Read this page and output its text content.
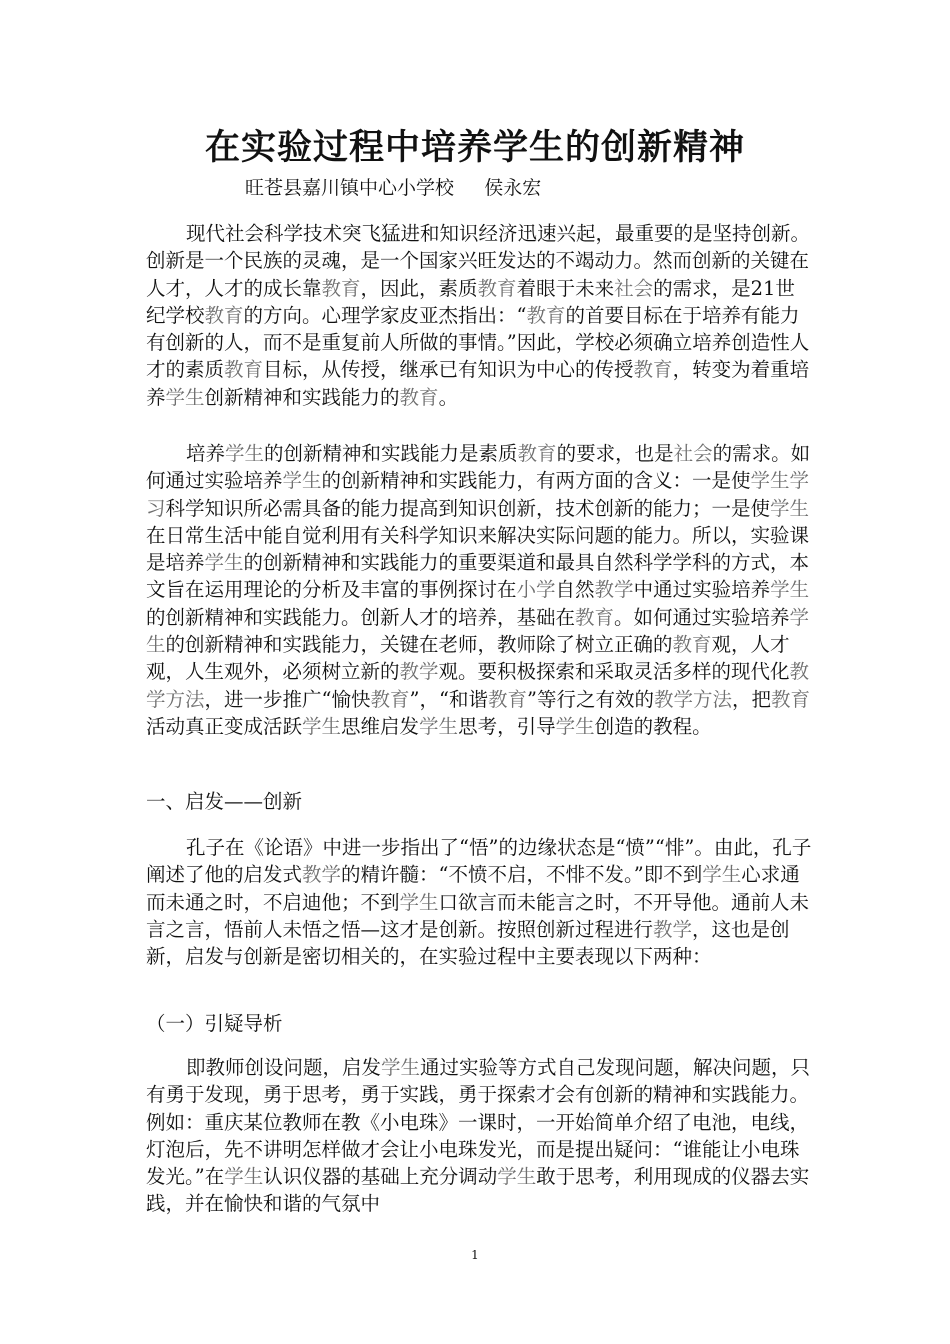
在实验过程中培养学生的创新精神
旺苍县嘉川镇中心小学校     侯永宏

现代社会科学技术突飞猛进和知识经济迅速兴起，最重要的是坚持创新。创新是一个民族的灵魂，是一个国家兴旺发达的不竭动力。然而创新的关键在人才，人才的成长靠教育，因此，素质教育着眼于未来社会的需求，是21世纪学校教育的方向。心理学家皮亚杰指出：“教育的首要目标在于培养有能力有创新的人，而不是重复前人所做的事情。”因此，学校必须确立培养创造性人才的素质教育目标，从传授，继承已有知识为中心的传授教育，转变为着重培养学生创新精神和实践能力的教育。

培养学生的创新精神和实践能力是素质教育的要求，也是社会的需求。如何通过实验培养学生的创新精神和实践能力，有两方面的含义：一是使学生学习科学知识所必需具备的能力提高到知识创新，技术创新的能力；一是使学生在日常生活中能自觉利用有关科学知识来解决实际问题的能力。所以，实验课是培养学生的创新精神和实践能力的重要渠道和最具自然科学学科的方式，本文旨在运用理论的分析及丰富的事例探讨在小学自然教学中通过实验培养学生的创新精神和实践能力。创新人才的培养，基础在教育。如何通过实验培养学生的创新精神和实践能力，关键在老师，教师除了树立正确的教育观，人才观，人生观外，必须树立新的教学观。要积极探索和采取灵活多样的现代化教学方法，进一步推广“愉快教育”，“和谐教育”等行之有效的教学方法，把教育活动真正变成活跃学生思维启发学生思考，引导学生创造的教程。

一、启发——创新

孔子在《论语》中进一步指出了“悟”的边缘状态是“愤”“悱”。由此，孔子阐述了他的启发式教学的精许髓：“不愤不启，不悱不发。”即不到学生心求通而未通之时，不启迪他；不到学生口欲言而未能言之时，不开导他。通前人未言之言，悟前人未悟之悟—这才是创新。按照创新过程进行教学，这也是创新，启发与创新是密切相关的，在实验过程中主要表现以下两种：

（一）引疑导析

即教师创设问题，启发学生通过实验等方式自己发现问题，解决问题，只有勇于发现，勇于思考，勇于实践，勇于探索才会有创新的精神和实践能力。例如：重庆某位教师在教《小电珠》一课时，一开始简单介绍了电池，电线，灯泡后，先不讲明怎样做才会让小电珠发光，而是提出疑问：“谁能让小电珠发光。”在学生认识仪器的基础上充分调动学生敢于思考，利用现成的仪器去实践，并在愉快和谐的气氛中

1
